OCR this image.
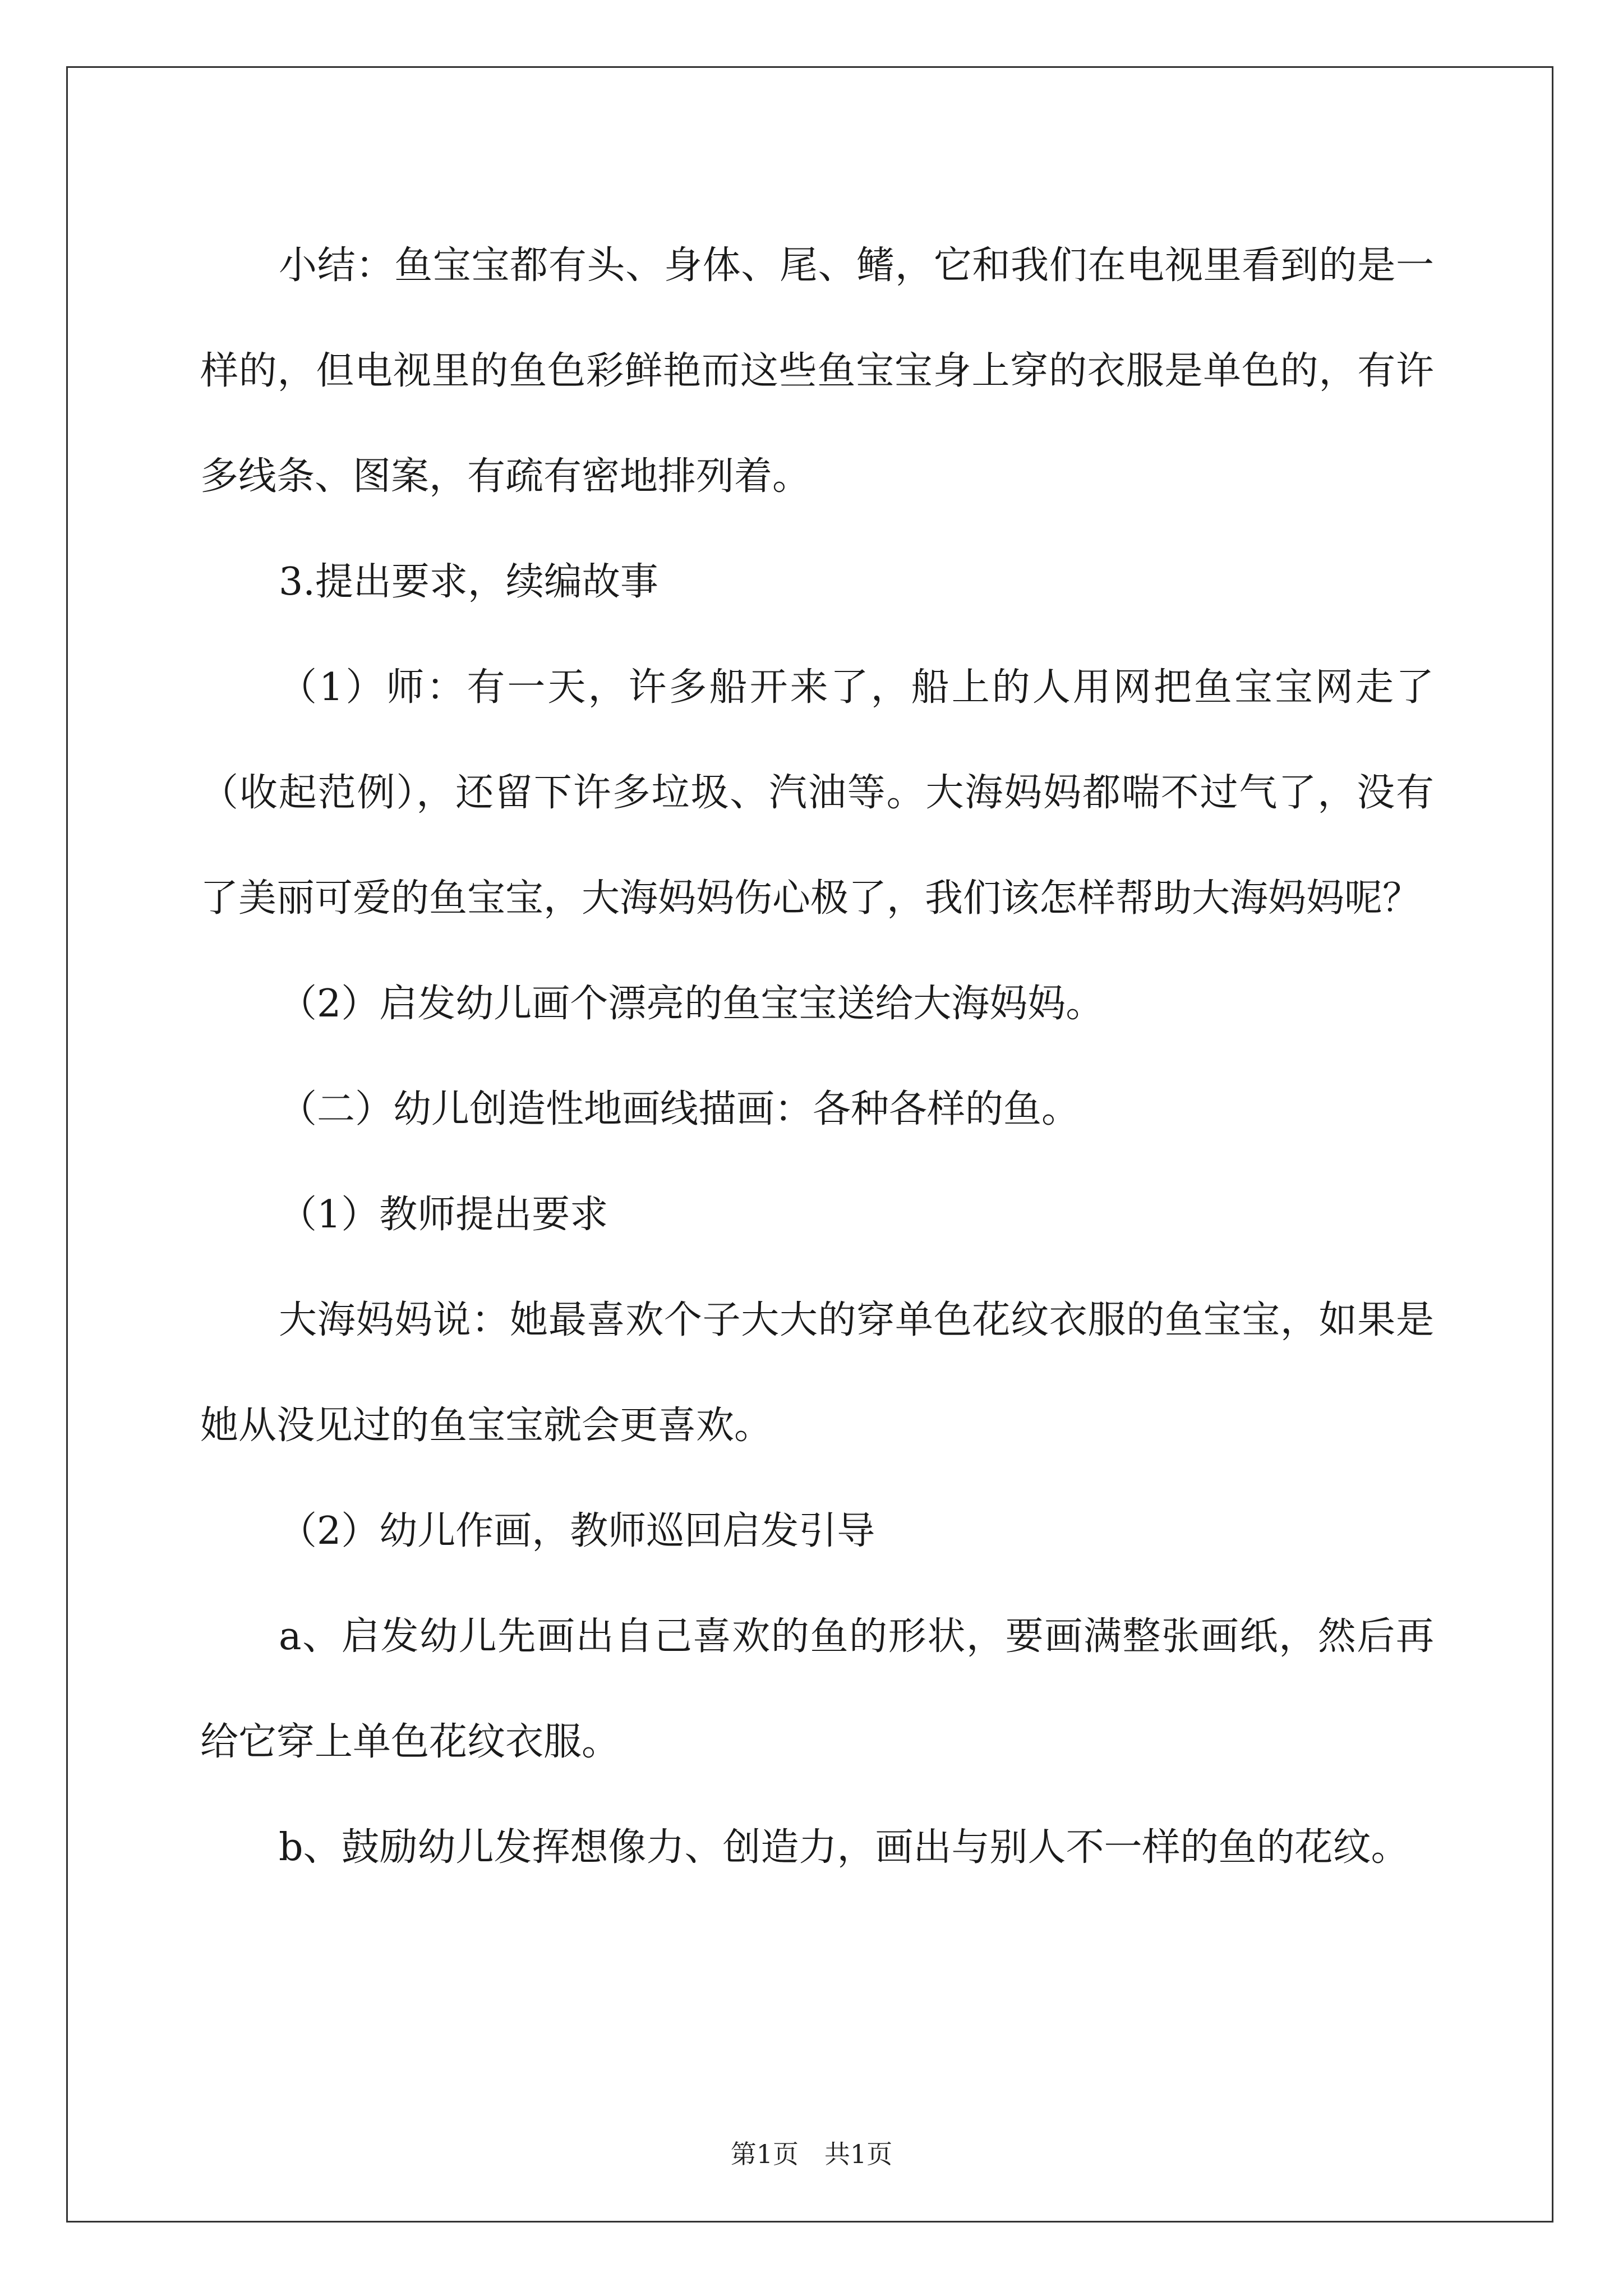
小结：鱼宝宝都有头、身体、尾、鳍，它和我们在电视里看到的是一样的，但电视里的鱼色彩鲜艳而这些鱼宝宝身上穿的衣服是单色的，有许多线条、图案，有疏有密地排列着。

3.提出要求，续编故事

（1）师：有一天，许多船开来了，船上的人用网把鱼宝宝网走了（收起范例），还留下许多垃圾、汽油等。大海妈妈都喘不过气了，没有了美丽可爱的鱼宝宝，大海妈妈伤心极了，我们该怎样帮助大海妈妈呢？

（2）启发幼儿画个漂亮的鱼宝宝送给大海妈妈。

（二）幼儿创造性地画线描画：各种各样的鱼。

（1）教师提出要求

大海妈妈说：她最喜欢个子大大的穿单色花纹衣服的鱼宝宝，如果是她从没见过的鱼宝宝就会更喜欢。

（2）幼儿作画，教师巡回启发引导

a、启发幼儿先画出自己喜欢的鱼的形状，要画满整张画纸，然后再给它穿上单色花纹衣服。

b、鼓励幼儿发挥想像力、创造力，画出与别人不一样的鱼的花纹。

第1页　共1页
